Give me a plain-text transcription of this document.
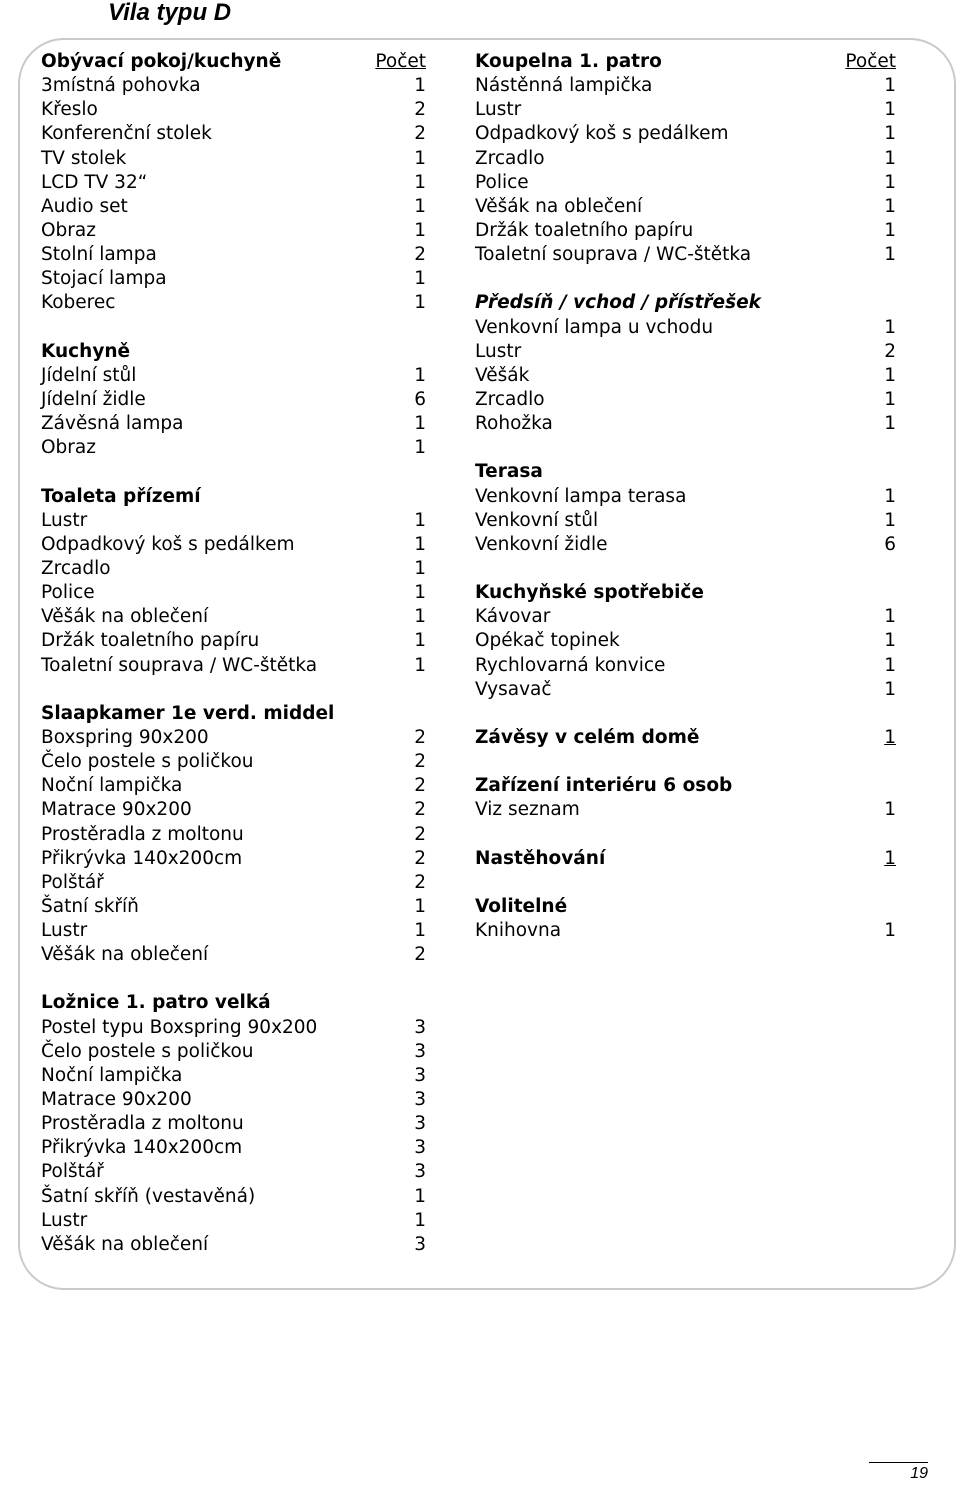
Vila typu D
Obývací pokoj/kuchyně	Počet
3místná pohovka	1
Křeslo	2
Konferenční stolek	2
TV stolek	1
LCD TV 32“	1
Audio set	1
Obraz	1
Stolní lampa	2
Stojací lampa	1
Koberec	1
Kuchyně
Jídelní stůl	1
Jídelní židle	6
Závěsná lampa	1
Obraz	1
Toaleta přízemí
Lustr	1
Odpadkový koš s pedálkem	1
Zrcadlo	1
Police	1
Věšák na oblečení	1
Držák toaletního papíru	1
Toaletní souprava / WC-štětka	1
Slaapkamer 1e verd. middel
Boxspring 90x200	2
Čelo postele s poličkou	2
Noční lampička	2
Matrace 90x200	2
Prostěradla z moltonu	2
Přikrývka 140x200cm	2
Polštář	2
Šatní skříň	1
Lustr	1
Věšák na oblečení	2
Ložnice 1. patro velká
Postel typu Boxspring 90x200	3
Čelo postele s poličkou	3
Noční lampička	3
Matrace 90x200	3
Prostěradla z moltonu	3
Přikrývka 140x200cm	3
Polštář	3
Šatní skříň (vestavěná)	1
Lustr	1
Věšák na oblečení	3
Koupelna 1. patro	Počet
Nástěnná lampička	1
Lustr	1
Odpadkový koš s pedálkem	1
Zrcadlo	1
Police	1
Věšák na oblečení	1
Držák toaletního papíru	1
Toaletní souprava / WC-štětka	1
Předsíň / vchod / přístřešek
Venkovní lampa u vchodu	1
Lustr	2
Věšák	1
Zrcadlo	1
Rohožka	1
Terasa
Venkovní lampa terasa	1
Venkovní stůl	1
Venkovní židle	6
Kuchyňské spotřebiče
Kávovar	1
Opékač topinek	1
Rychlovarná konvice	1
Vysavač	1
Závěsy v celém domě	1
Zařízení interiéru 6 osob
Viz seznam	1
Nastěhování	1
Volitelné
Knihovna	1
19
